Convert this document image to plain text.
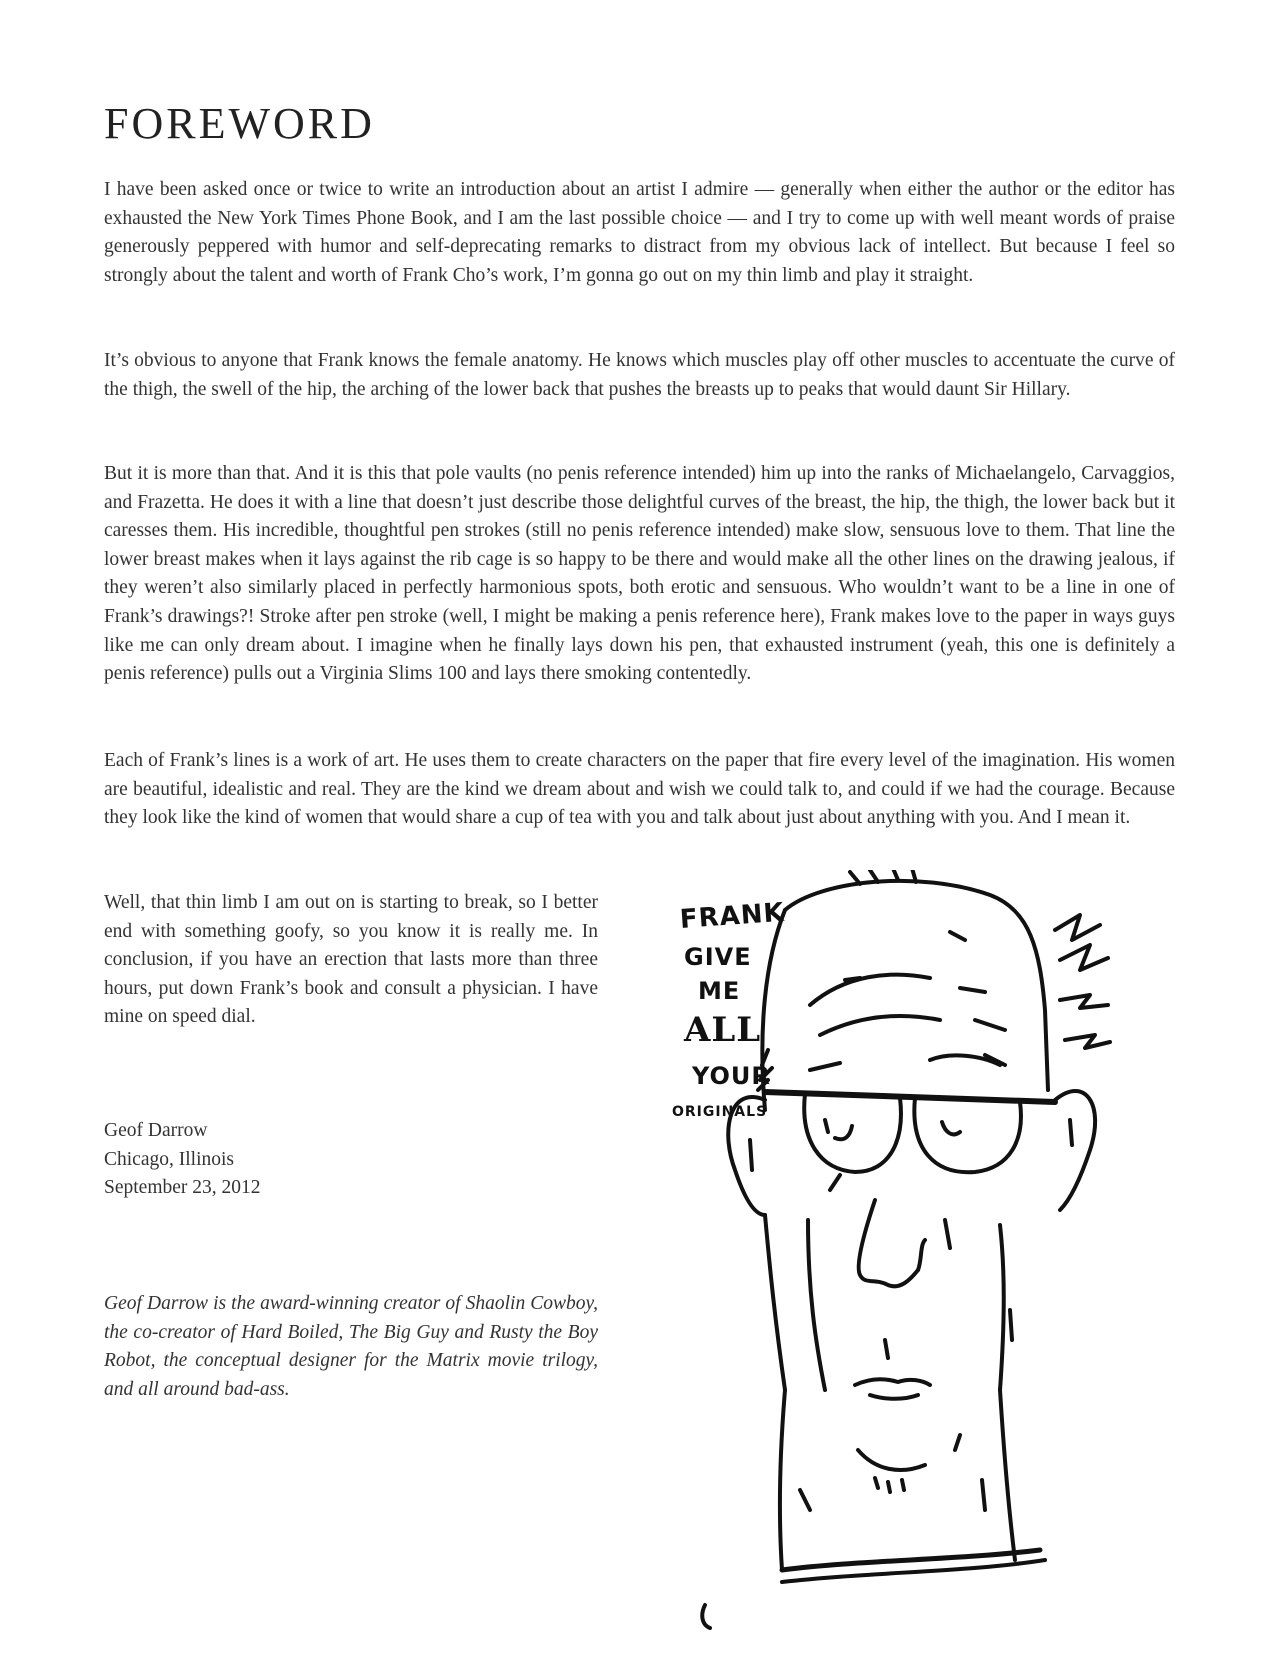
FOREWORD

I have been asked once or twice to write an introduction about an artist I admire — generally when either the author or the editor has exhausted the New York Times Phone Book, and I am the last possible choice — and I try to come up with well meant words of praise generously peppered with humor and self-deprecating remarks to distract from my obvious lack of intellect. But because I feel so strongly about the talent and worth of Frank Cho’s work, I’m gonna go out on my thin limb and play it straight.

It’s obvious to anyone that Frank knows the female anatomy. He knows which muscles play off other muscles to accentuate the curve of the thigh, the swell of the hip, the arching of the lower back that pushes the breasts up to peaks that would daunt Sir Hillary.

But it is more than that. And it is this that pole vaults (no penis reference intended) him up into the ranks of Michaelangelo, Carvaggios, and Frazetta. He does it with a line that doesn’t just describe those delightful curves of the breast, the hip, the thigh, the lower back but it caresses them. His incredible, thoughtful pen strokes (still no penis reference intended) make slow, sensuous love to them. That line the lower breast makes when it lays against the rib cage is so happy to be there and would make all the other lines on the drawing jealous, if they weren’t also similarly placed in perfectly harmonious spots, both erotic and sensuous. Who wouldn’t want to be a line in one of Frank’s drawings?! Stroke after pen stroke (well, I might be making a penis reference here), Frank makes love to the paper in ways guys like me can only dream about. I imagine when he finally lays down his pen, that exhausted instrument (yeah, this one is definitely a penis reference) pulls out a Virginia Slims 100 and lays there smoking contentedly.

Each of Frank’s lines is a work of art. He uses them to create characters on the paper that fire every level of the imagination. His women are beautiful, idealistic and real. They are the kind we dream about and wish we could talk to, and could if we had the courage. Because they look like the kind of women that would share a cup of tea with you and talk about just about anything with you. And I mean it.

Well, that thin limb I am out on is starting to break, so I better end with something goofy, so you know it is really me. In conclusion, if you have an erection that lasts more than three hours, put down Frank’s book and consult a physician. I have mine on speed dial.

Geof Darrow
Chicago, Illinois
September 23, 2012

Geof Darrow is the award-winning creator of Shaolin Cowboy, the co-creator of Hard Boiled, The Big Guy and Rusty the Boy Robot, the conceptual designer for the Matrix movie trilogy, and all around bad-ass.

FRANK
GIVE
ME
ALL
YOUR
ORIGINALS
